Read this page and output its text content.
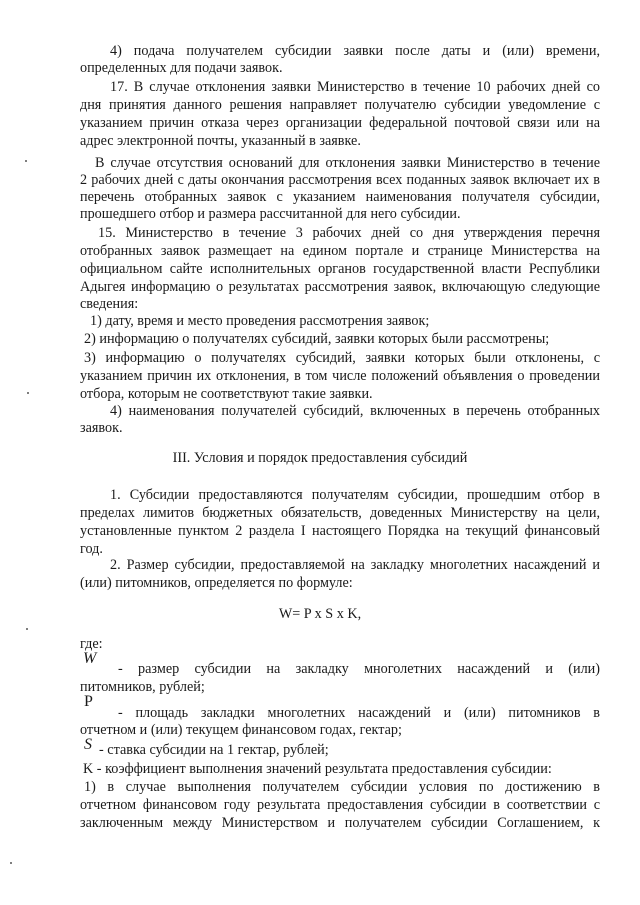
4) подача получателем субсидии заявки после даты и (или) времени,
определенных для подачи заявок.
17. В случае отклонения заявки Министерство в течение 10 рабочих дней со
дня принятия данного решения направляет получателю субсидии уведомление с
указанием причин отказа через организации федеральной почтовой связи или на
адрес электронной почты, указанный в заявке.
В случае отсутствия оснований для отклонения заявки Министерство в течение
2 рабочих дней с даты окончания рассмотрения всех поданных заявок включает их в
перечень отобранных заявок с указанием наименования получателя субсидии,
прошедшего отбор и размера рассчитанной для него субсидии.
15. Министерство в течение 3 рабочих дней со дня утверждения перечня
отобранных заявок размещает на едином портале и странице Министерства на
официальном сайте исполнительных органов государственной власти Республики
Адыгея информацию о результатах рассмотрения заявок, включающую следующие
сведения:
1) дату, время и место проведения рассмотрения заявок;
2) информацию о получателях субсидий, заявки которых были рассмотрены;
3) информацию о получателях субсидий, заявки которых были отклонены, с
указанием причин их отклонения, в том числе положений объявления о проведении
отбора, которым не соответствуют такие заявки.
4) наименования получателей субсидий, включенных в перечень отобранных
заявок.
III. Условия и порядок предоставления субсидий
1. Субсидии предоставляются получателям субсидии, прошедшим отбор в
пределах лимитов бюджетных обязательств, доведенных Министерству на цели,
установленные пунктом 2 раздела I настоящего Порядка на текущий финансовый
год.
2. Размер субсидии, предоставляемой на закладку многолетних насаждений и
(или) питомников, определяется по формуле:
W= P x S x K,
где:
W
- размер субсидии на закладку многолетних насаждений и (или)
питомников, рублей;
P
- площадь закладки многолетних насаждений и (или) питомников в
отчетном и (или) текущем финансовом годах, гектар;
S - ставка субсидии на 1 гектар, рублей;
K - коэффициент выполнения значений результата предоставления субсидии:
1) в случае выполнения получателем субсидии условия по достижению в
отчетном финансовом году результата предоставления субсидии в соответствии с
заключенным между Министерством и получателем субсидии Соглашением, к
